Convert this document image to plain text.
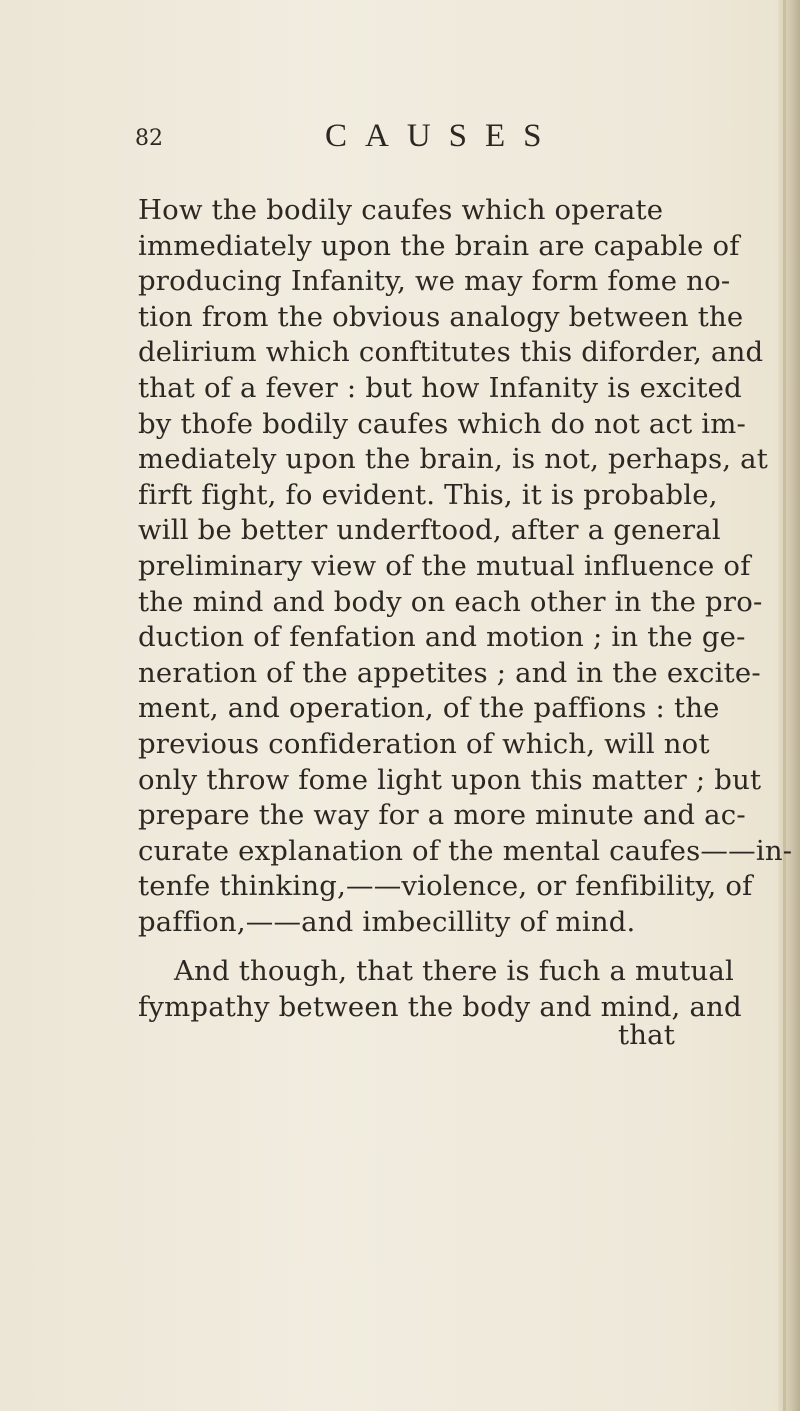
82	CAUSES
How the bodily caufes which operate
immediately upon the brain are capable of
producing Infanity, we may form fome no-
tion from the obvious analogy between the
delirium which conftitutes this diforder, and
that of a fever : but how Infanity is excited
by thofe bodily caufes which do not act im-
mediately upon the brain, is not, perhaps, at
firft fight, fo evident. This, it is probable,
will be better underftood, after a general
preliminary view of the mutual influence of
the mind and body on each other in the pro-
duction of fenfation and motion ; in the ge-
neration of the appetites ; and in the excite-
ment, and operation, of the paffions : the
previous confideration of which, will not
only throw fome light upon this matter ; but
prepare the way for a more minute and ac-
curate explanation of the mental caufes——in-
tenfe thinking,——violence, or fenfibility, of
paffion,——and imbecillity of mind.
And though, that there is fuch a mutual
fympathy between the body and mind, and
that
